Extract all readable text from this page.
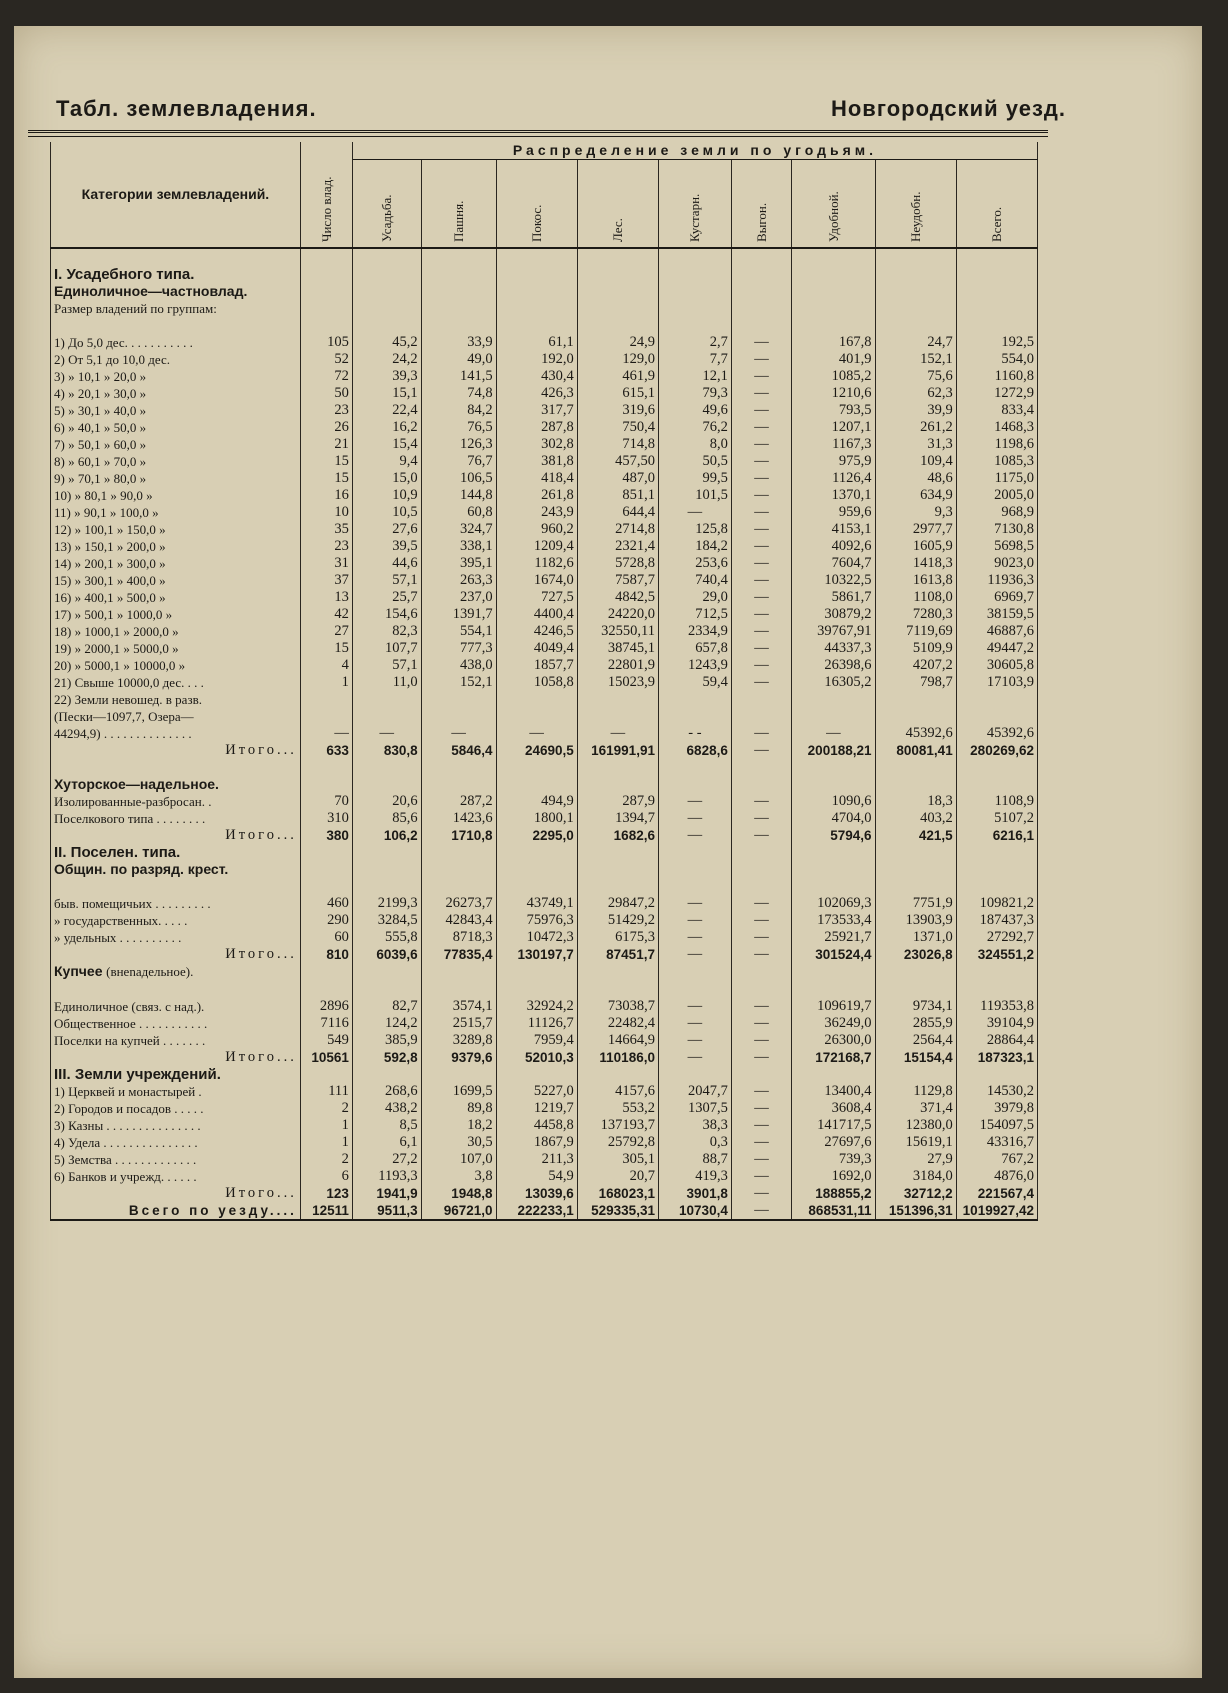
Табл. землевладения.	Новгородский уезд.
Категории землевладений.	Число влад.	Распределение земли по угодьям.								
		Усадьба.	Пашня.	Покос.	Лес.	Кустарн.	Выгон.	Удобной.	Неудобн.	Всего.

I. Усадебного типа.										
Единоличное—частновлад.										
Размер владений по группам:										

1) До 5,0 дес. . . . . . . . . . .	105	45,2	33,9	61,1	24,9	2,7	—	167,8	24,7	192,5
2) От 5,1 до 10,0 дес.	52	24,2	49,0	192,0	129,0	7,7	—	401,9	152,1	554,0
3) » 10,1 » 20,0 »	72	39,3	141,5	430,4	461,9	12,1	—	1085,2	75,6	1160,8
4) » 20,1 » 30,0 »	50	15,1	74,8	426,3	615,1	79,3	—	1210,6	62,3	1272,9
5) » 30,1 » 40,0 »	23	22,4	84,2	317,7	319,6	49,6	—	793,5	39,9	833,4
6) » 40,1 » 50,0 »	26	16,2	76,5	287,8	750,4	76,2	—	1207,1	261,2	1468,3
7) » 50,1 » 60,0 »	21	15,4	126,3	302,8	714,8	8,0	—	1167,3	31,3	1198,6
8) » 60,1 » 70,0 »	15	9,4	76,7	381,8	457,50	50,5	—	975,9	109,4	1085,3
9) » 70,1 » 80,0 »	15	15,0	106,5	418,4	487,0	99,5	—	1126,4	48,6	1175,0
10) » 80,1 » 90,0 »	16	10,9	144,8	261,8	851,1	101,5	—	1370,1	634,9	2005,0
11) » 90,1 » 100,0 »	10	10,5	60,8	243,9	644,4	—	—	959,6	9,3	968,9
12) » 100,1 » 150,0 »	35	27,6	324,7	960,2	2714,8	125,8	—	4153,1	2977,7	7130,8
13) » 150,1 » 200,0 »	23	39,5	338,1	1209,4	2321,4	184,2	—	4092,6	1605,9	5698,5
14) » 200,1 » 300,0 »	31	44,6	395,1	1182,6	5728,8	253,6	—	7604,7	1418,3	9023,0
15) » 300,1 » 400,0 »	37	57,1	263,3	1674,0	7587,7	740,4	—	10322,5	1613,8	11936,3
16) » 400,1 » 500,0 »	13	25,7	237,0	727,5	4842,5	29,0	—	5861,7	1108,0	6969,7
17) » 500,1 » 1000,0 »	42	154,6	1391,7	4400,4	24220,0	712,5	—	30879,2	7280,3	38159,5
18) » 1000,1 » 2000,0 »	27	82,3	554,1	4246,5	32550,11	2334,9	—	39767,91	7119,69	46887,6
19) » 2000,1 » 5000,0 »	15	107,7	777,3	4049,4	38745,1	657,8	—	44337,3	5109,9	49447,2
20) » 5000,1 » 10000,0 »	4	57,1	438,0	1857,7	22801,9	1243,9	—	26398,6	4207,2	30605,8
21) Свыше 10000,0 дес. . . .	1	11,0	152,1	1058,8	15023,9	59,4	—	16305,2	798,7	17103,9
22) Земли невошед. в разв.										
(Пески—1097,7, Озера—										
44294,9) . . . . . . . . . . . . . .	—	—	—	—	—	- -	—	—	45392,6	45392,6
Итого...	633	830,8	5846,4	24690,5	161991,91	6828,6	—	200188,21	80081,41	280269,62

Хуторское—надельное.										
Изолированные-разбросан. .	70	20,6	287,2	494,9	287,9	—	—	1090,6	18,3	1108,9
Поселкового типа . . . . . . . .	310	85,6	1423,6	1800,1	1394,7	—	—	4704,0	403,2	5107,2
Итого...	380	106,2	1710,8	2295,0	1682,6	—	—	5794,6	421,5	6216,1
II. Поселен. типа.										
Общин. по разряд. крест.										

быв. помещичьих . . . . . . . . .	460	2199,3	26273,7	43749,1	29847,2	—	—	102069,3	7751,9	109821,2
» государственных. . . . .	290	3284,5	42843,4	75976,3	51429,2	—	—	173533,4	13903,9	187437,3
» удельных . . . . . . . . . .	60	555,8	8718,3	10472,3	6175,3	—	—	25921,7	1371,0	27292,7
Итого...	810	6039,6	77835,4	130197,7	87451,7	—	—	301524,4	23026,8	324551,2
Купчее (внenадельное).										

Единоличное (связ. с над.).	2896	82,7	3574,1	32924,2	73038,7	—	—	109619,7	9734,1	119353,8
Общественное . . . . . . . . . . .	7116	124,2	2515,7	11126,7	22482,4	—	—	36249,0	2855,9	39104,9
Поселки на купчей . . . . . . .	549	385,9	3289,8	7959,4	14664,9	—	—	26300,0	2564,4	28864,4
Итого...	10561	592,8	9379,6	52010,3	110186,0	—	—	172168,7	15154,4	187323,1
III. Земли учреждений.										
1) Церквей и монастырей .	111	268,6	1699,5	5227,0	4157,6	2047,7	—	13400,4	1129,8	14530,2
2) Городов и посадов . . . . .	2	438,2	89,8	1219,7	553,2	1307,5	—	3608,4	371,4	3979,8
3) Казны . . . . . . . . . . . . . . .	1	8,5	18,2	4458,8	137193,7	38,3	—	141717,5	12380,0	154097,5
4) Удела . . . . . . . . . . . . . . .	1	6,1	30,5	1867,9	25792,8	0,3	—	27697,6	15619,1	43316,7
5) Земства . . . . . . . . . . . . .	2	27,2	107,0	211,3	305,1	88,7	—	739,3	27,9	767,2
6) Банков и учрежд. . . . . .	6	1193,3	3,8	54,9	20,7	419,3	—	1692,0	3184,0	4876,0
Итого...	123	1941,9	1948,8	13039,6	168023,1	3901,8	—	188855,2	32712,2	221567,4
Всего по уезду....	12511	9511,3	96721,0	222233,1	529335,31	10730,4	—	868531,11	151396,31	1019927,42
